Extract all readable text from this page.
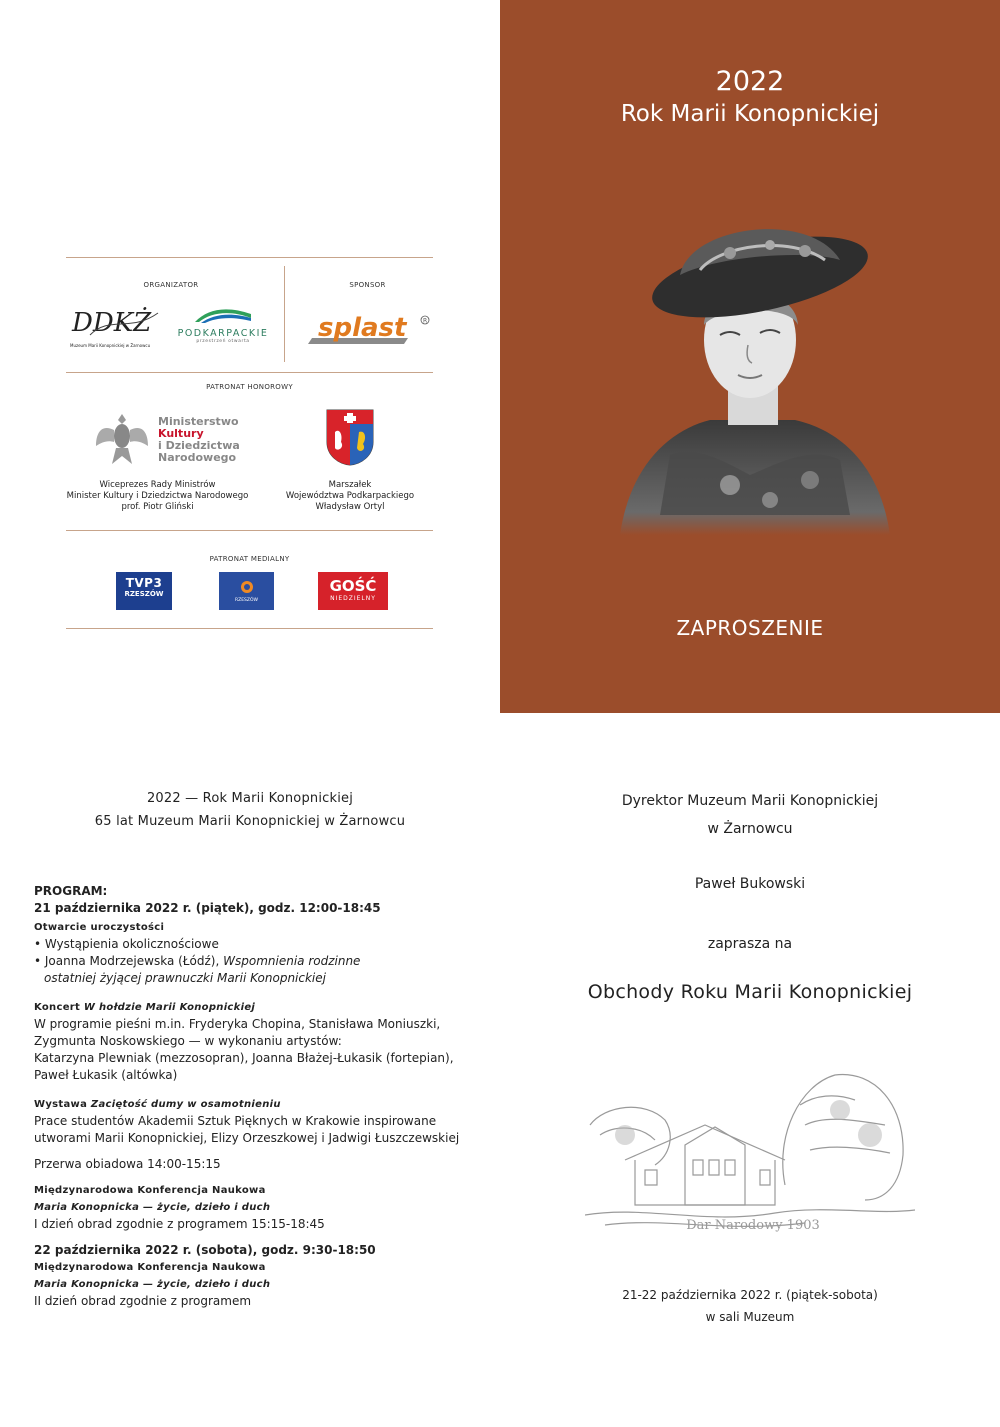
2022
Rok Marii Konopnickiej
ZAPROSZENIE
ORGANIZATOR	SPONSOR
DDKŻ
Muzeum Marii Konopnickiej w Żarnowcu
PODKARPACKIE
przestrzeń otwarta	splast	R
PATRONAT HONOROWY
Ministerstwo
Kultury
i Dziedzictwa
Narodowego
Wiceprezes Rady Ministrów
Minister Kultury i Dziedzictwa Narodowego
prof. Piotr Gliński
Marszałek
Województwa Podkarpackiego
Władysław Ortyl
PATRONAT MEDIALNY
TVP3
RZESZÓW
RZESZÓW
GOŚĆ
NIEDZIELNY
2022 — Rok Marii Konopnickiej
65 lat Muzeum Marii Konopnickiej w Żarnowcu
PROGRAM:
21 października 2022 r. (piątek), godz. 12:00-18:45
Otwarcie uroczystości
• Wystąpienia okolicznościowe
• Joanna Modrzejewska (Łódź), Wspomnienia rodzinne
ostatniej żyjącej prawnuczki Marii Konopnickiej
Koncert W hołdzie Marii Konopnickiej
W programie pieśni m.in. Fryderyka Chopina, Stanisława Moniuszki,
Zygmunta Noskowskiego — w wykonaniu artystów:
Katarzyna Plewniak (mezzosopran), Joanna Błażej-Łukasik (fortepian),
Paweł Łukasik (altówka)
Wystawa Zaciętość dumy w osamotnieniu
Prace studentów Akademii Sztuk Pięknych w Krakowie inspirowane
utworami Marii Konopnickiej, Elizy Orzeszkowej i Jadwigi Łuszczewskiej
Przerwa obiadowa 14:00-15:15
Międzynarodowa Konferencja Naukowa
Maria Konopnicka — życie, dzieło i duch
I dzień obrad zgodnie z programem 15:15-18:45
22 października 2022 r. (sobota), godz. 9:30-18:50
Międzynarodowa Konferencja Naukowa
Maria Konopnicka — życie, dzieło i duch
II dzień obrad zgodnie z programem
Dyrektor Muzeum Marii Konopnickiej
w Żarnowcu
Paweł Bukowski
zaprasza na
Obchody Roku Marii Konopnickiej
Dar Narodowy 1903
21-22 października 2022 r. (piątek-sobota)
w sali Muzeum
